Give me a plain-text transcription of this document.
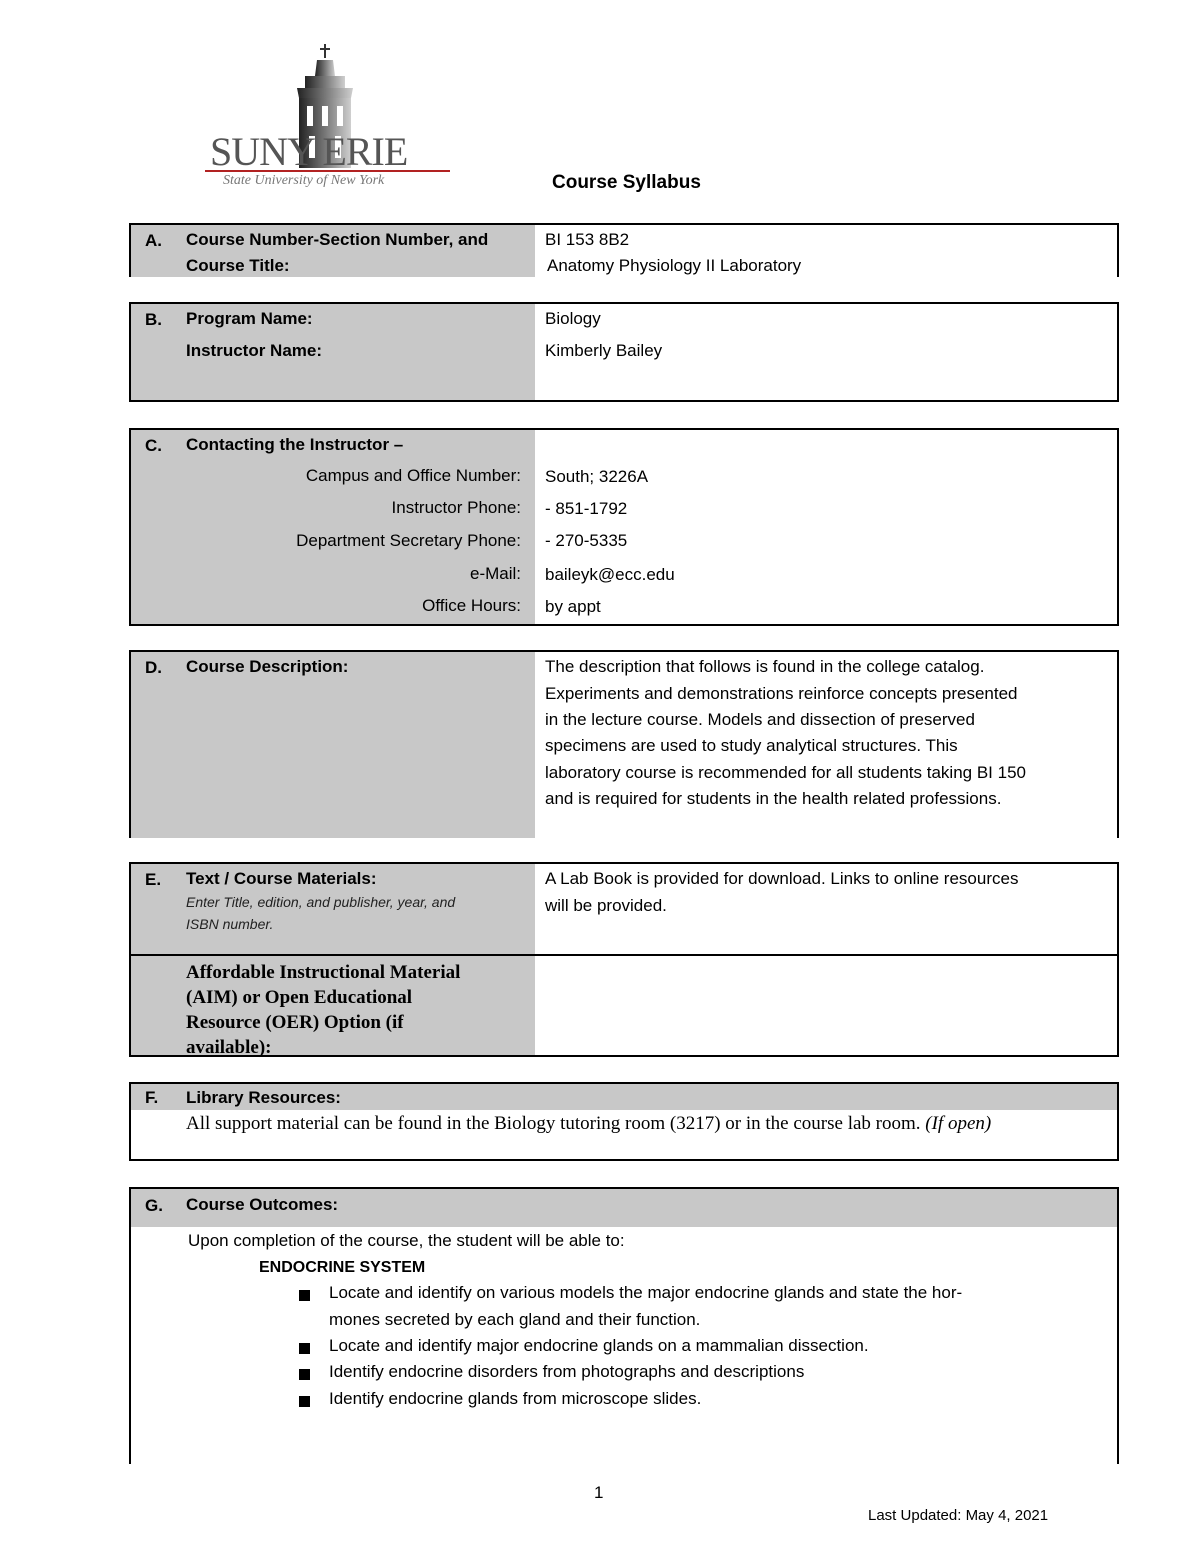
SUNY ERIE
State University of New York	Course Syllabus
A. Course Number-Section Number, and
Course Title:
BI 153 8B2
Anatomy Physiology II Laboratory
B. Program Name:
Instructor Name:
Biology
Kimberly Bailey
C. Contacting the Instructor –
Campus and Office Number: South; 3226A
Instructor Phone: - 851-1792
Department Secretary Phone: - 270-5335
e-Mail: baileyk@ecc.edu
Office Hours: by appt
D. Course Description:	The description that follows is found in the college catalog.
Experiments and demonstrations reinforce concepts presented
in the lecture course. Models and dissection of preserved
specimens are used to study analytical structures. This
laboratory course is recommended for all students taking BI 150
and is required for students in the health related professions.
E. Text / Course Materials:
Enter Title, edition, and publisher, year, and
ISBN number.
A Lab Book is provided for download. Links to online resources
will be provided.
Affordable Instructional Material
(AIM) or Open Educational
Resource (OER) Option (if
available):
F. Library Resources:
All support material can be found in the Biology tutoring room (3217) or in the course lab room. (If open)
G. Course Outcomes:
Upon completion of the course, the student will be able to:
ENDOCRINE SYSTEM
Locate and identify on various models the major endocrine glands and state the hor-
mones secreted by each gland and their function.
Locate and identify major endocrine glands on a mammalian dissection.
Identify endocrine disorders from photographs and descriptions
Identify endocrine glands from microscope slides.
1
Last Updated: May 4, 2021
